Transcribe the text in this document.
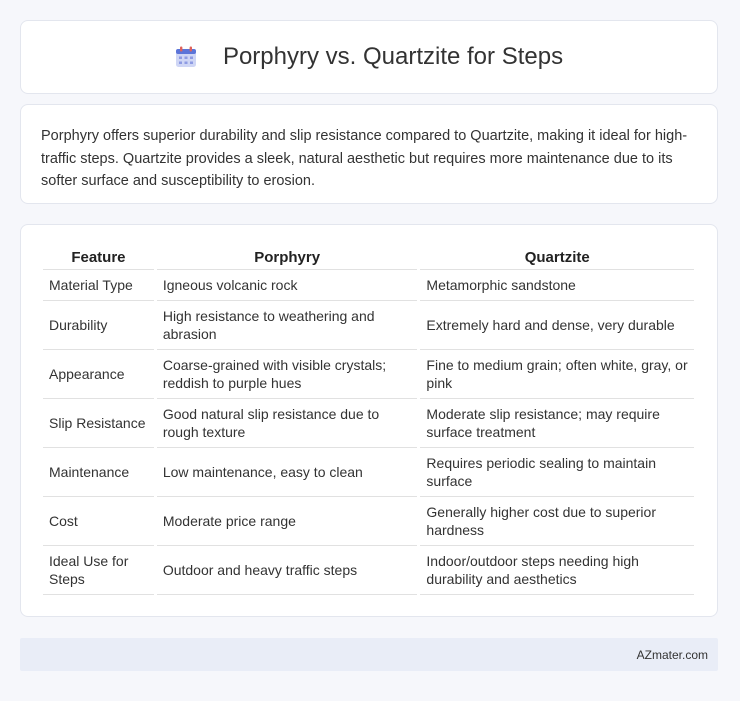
Porphyry vs. Quartzite for Steps

Porphyry offers superior durability and slip resistance compared to Quartzite, making it ideal for high-traffic steps. Quartzite provides a sleek, natural aesthetic but requires more maintenance due to its softer surface and susceptibility to erosion.

Feature	Porphyry	Quartzite
Material Type	Igneous volcanic rock	Metamorphic sandstone
Durability	High resistance to weathering and abrasion	Extremely hard and dense, very durable
Appearance	Coarse-grained with visible crystals; reddish to purple hues	Fine to medium grain; often white, gray, or pink
Slip Resistance	Good natural slip resistance due to rough texture	Moderate slip resistance; may require surface treatment
Maintenance	Low maintenance, easy to clean	Requires periodic sealing to maintain surface
Cost	Moderate price range	Generally higher cost due to superior hardness
Ideal Use for Steps	Outdoor and heavy traffic steps	Indoor/outdoor steps needing high durability and aesthetics
AZmater.com
